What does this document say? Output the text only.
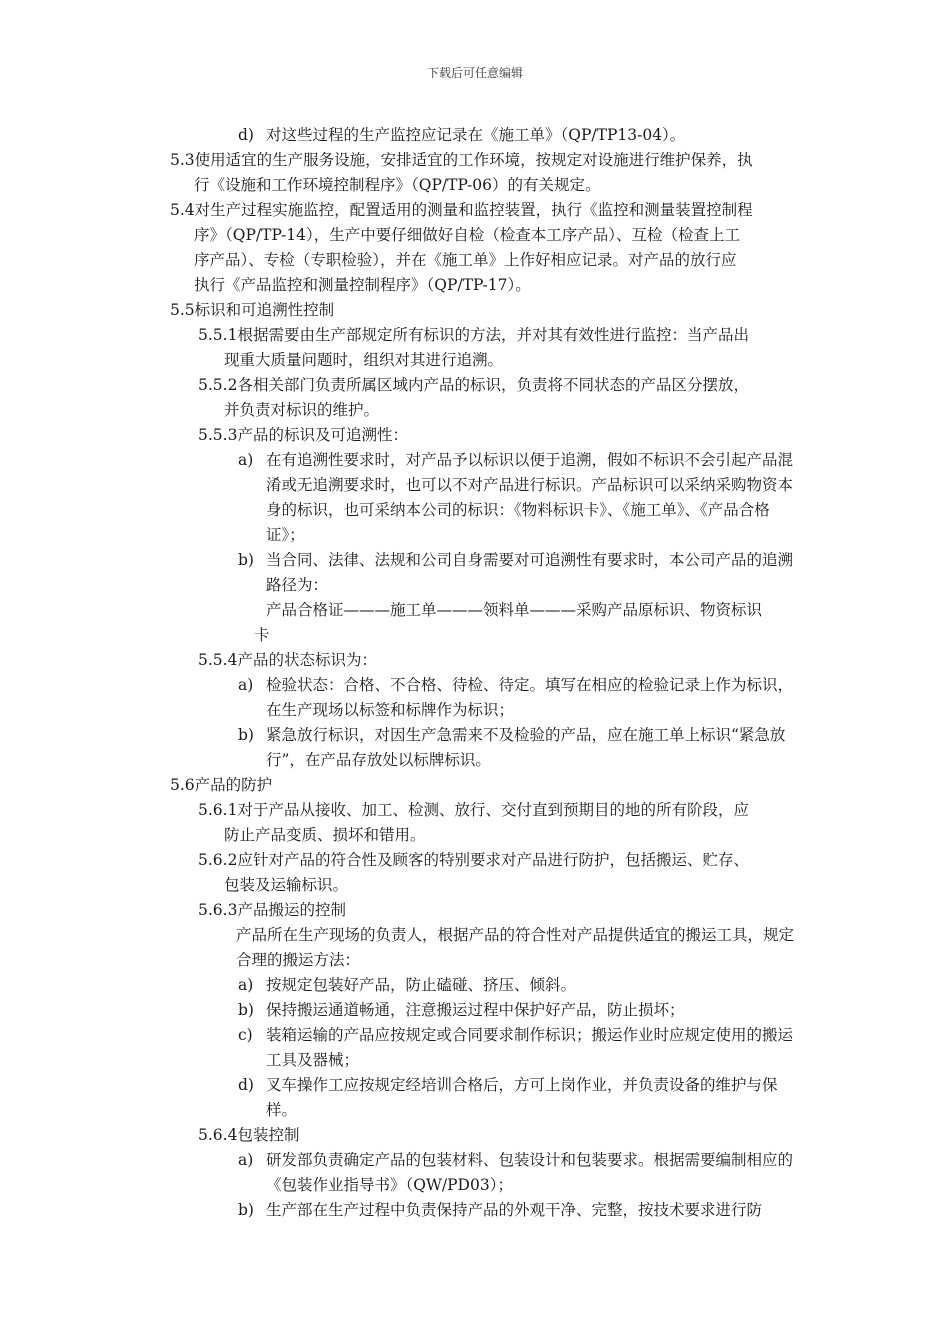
下载后可任意编辑
d) 对这些过程的生产监控应记录在《施工单》（QP/TP13-04）。
5.3使用适宜的生产服务设施，安排适宜的工作环境，按规定对设施进行维护保养，执
行《设施和工作环境控制程序》（QP/TP-06）的有关规定。
5.4对生产过程实施监控，配置适用的测量和监控装置，执行《监控和测量装置控制程
序》（QP/TP-14），生产中要仔细做好自检（检查本工序产品）、互检（检查上工
序产品）、专检（专职检验），并在《施工单》上作好相应记录。对产品的放行应
执行《产品监控和测量控制程序》（QP/TP-17）。
5.5标识和可追溯性控制
5.5.1根据需要由生产部规定所有标识的方法，并对其有效性进行监控：当产品出
现重大质量问题时，组织对其进行追溯。
5.5.2各相关部门负责所属区域内产品的标识，负责将不同状态的产品区分摆放，
并负责对标识的维护。
5.5.3产品的标识及可追溯性：
a) 在有追溯性要求时，对产品予以标识以便于追溯，假如不标识不会引起产品混淆或无追溯要求时，也可以不对产品进行标识。产品标识可以采纳采购物资本身的标识，也可采纳本公司的标识：《物料标识卡》、《施工单》、《产品合格证》；
b) 当合同、法律、法规和公司自身需要对可追溯性有要求时，本公司产品的追溯路径为：
产品合格证———施工单———领料单———采购产品原标识、物资标识
卡
5.5.4产品的状态标识为：
a) 检验状态：合格、不合格、待检、待定。填写在相应的检验记录上作为标识，在生产现场以标签和标牌作为标识；
b) 紧急放行标识，对因生产急需来不及检验的产品，应在施工单上标识“紧急放行”，在产品存放处以标牌标识。
5.6产品的防护
5.6.1对于产品从接收、加工、检测、放行、交付直到预期目的地的所有阶段，应
防止产品变质、损坏和错用。
5.6.2应针对产品的符合性及顾客的特别要求对产品进行防护，包括搬运、贮存、
包装及运输标识。
5.6.3产品搬运的控制
产品所在生产现场的负责人，根据产品的符合性对产品提供适宜的搬运工具，规定合理的搬运方法：
a) 按规定包装好产品，防止磕碰、挤压、倾斜。
b) 保持搬运通道畅通，注意搬运过程中保护好产品，防止损坏；
c) 装箱运输的产品应按规定或合同要求制作标识；搬运作业时应规定使用的搬运工具及器械；
d) 叉车操作工应按规定经培训合格后，方可上岗作业，并负责设备的维护与保样。
5.6.4包装控制
a) 研发部负责确定产品的包装材料、包装设计和包装要求。根据需要编制相应的《包装作业指导书》（QW/PD03）；
b) 生产部在生产过程中负责保持产品的外观干净、完整，按技术要求进行防
